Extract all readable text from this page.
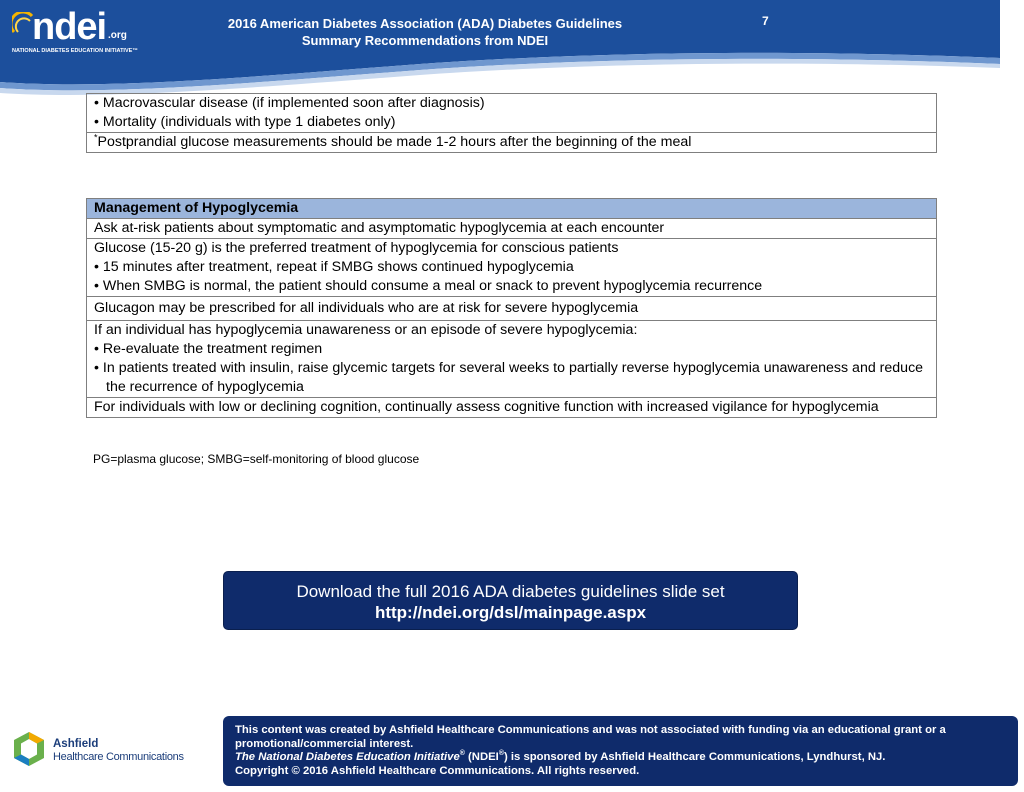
ndei .org
NATIONAL DIABETES EDUCATION INITIATIVE™
2016 American Diabetes Association (ADA) Diabetes Guidelines
Summary Recommendations from NDEI
7
• Macrovascular disease (if implemented soon after diagnosis)
• Mortality (individuals with type 1 diabetes only)

*Postprandial glucose measurements should be made 1-2 hours after the beginning of the meal
Management of Hypoglycemia
Ask at-risk patients about symptomatic and asymptomatic hypoglycemia at each encounter

Glucose (15-20 g) is the preferred treatment of hypoglycemia for conscious patients
• 15 minutes after treatment, repeat if SMBG shows continued hypoglycemia
• When SMBG is normal, the patient should consume a meal or snack to prevent hypoglycemia recurrence

Glucagon may be prescribed for all individuals who are at risk for severe hypoglycemia

If an individual has hypoglycemia unawareness or an episode of severe hypoglycemia:
• Re-evaluate the treatment regimen
• In patients treated with insulin, raise glycemic targets for several weeks to partially reverse hypoglycemia unawareness and reduce the recurrence of hypoglycemia

For individuals with low or declining cognition, continually assess cognitive function with increased vigilance for hypoglycemia
PG=plasma glucose; SMBG=self-monitoring of blood glucose
Download the full 2016 ADA diabetes guidelines slide set
http://ndei.org/dsl/mainpage.aspx
Ashfield
Healthcare Communications
This content was created by Ashfield Healthcare Communications and was not associated with funding via an educational grant or a promotional/commercial interest.
The National Diabetes Education Initiative® (NDEI®) is sponsored by Ashfield Healthcare Communications, Lyndhurst, NJ.
Copyright © 2016 Ashfield Healthcare Communications. All rights reserved.
